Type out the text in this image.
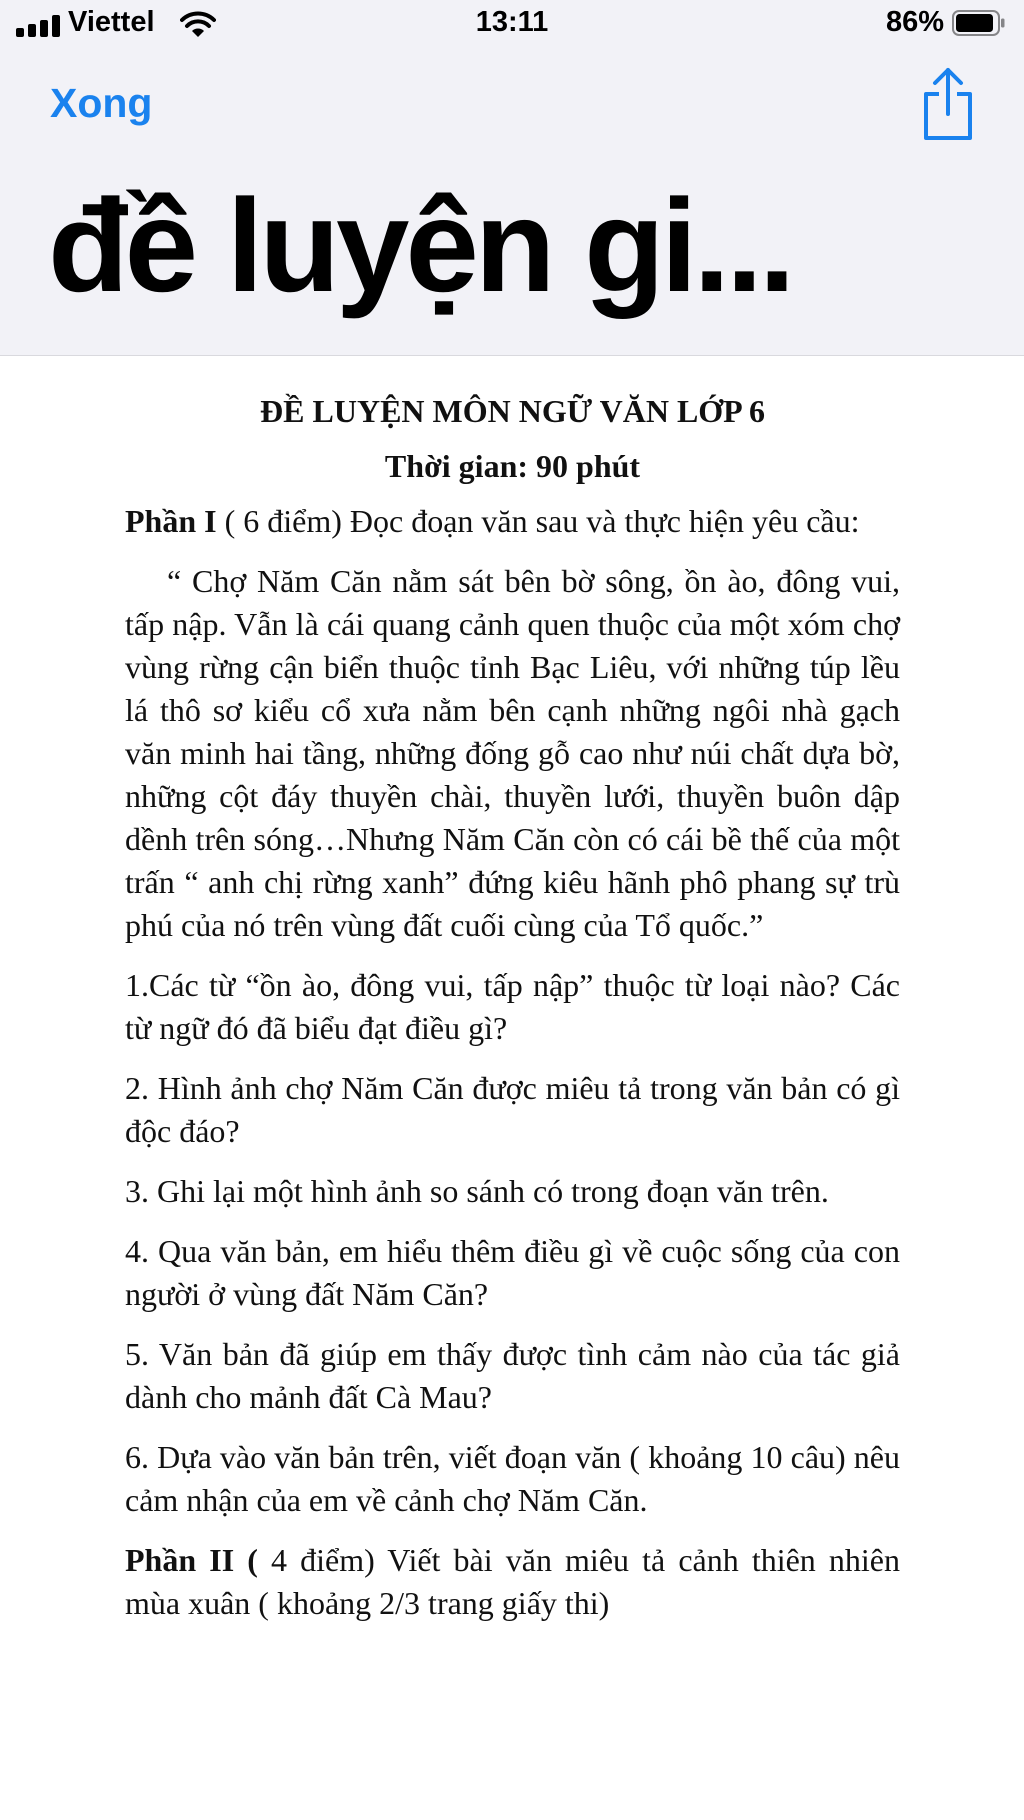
Viettel	13:11	86%
Xong
đề luyện gi...
ĐỀ LUYỆN MÔN NGỮ VĂN LỚP 6
Thời gian: 90 phút

Phần I ( 6 điểm) Đọc đoạn văn sau và thực hiện yêu cầu:

“ Chợ Năm Căn nằm sát bên bờ sông, ồn ào, đông vui, tấp nập. Vẫn là cái quang cảnh quen thuộc của một xóm chợ vùng rừng cận biển thuộc tỉnh Bạc Liêu, với những túp lều lá thô sơ kiểu cổ xưa nằm bên cạnh những ngôi nhà gạch văn minh hai tầng, những đống gỗ cao như núi chất dựa bờ, những cột đáy thuyền chài, thuyền lưới, thuyền buôn dập dềnh trên sóng…Nhưng Năm Căn còn có cái bề thế của một trấn “ anh chị rừng xanh” đứng kiêu hãnh phô phang sự trù phú của nó trên vùng đất cuối cùng của Tổ quốc.”

1.Các từ “ồn ào, đông vui, tấp nập” thuộc từ loại nào? Các từ ngữ đó đã biểu đạt điều gì?

2. Hình ảnh chợ Năm Căn được miêu tả trong văn bản có gì độc đáo?

3. Ghi lại một hình ảnh so sánh có trong đoạn văn trên.

4. Qua văn bản, em hiểu thêm điều gì về cuộc sống của con người ở vùng đất Năm Căn?

5. Văn bản đã giúp em thấy được tình cảm nào của tác giả dành cho mảnh đất Cà Mau?

6. Dựa vào văn bản trên, viết đoạn văn ( khoảng 10 câu) nêu cảm nhận của em về cảnh chợ Năm Căn.

Phần II ( 4 điểm) Viết bài văn miêu tả cảnh thiên nhiên mùa xuân ( khoảng 2/3 trang giấy thi)
